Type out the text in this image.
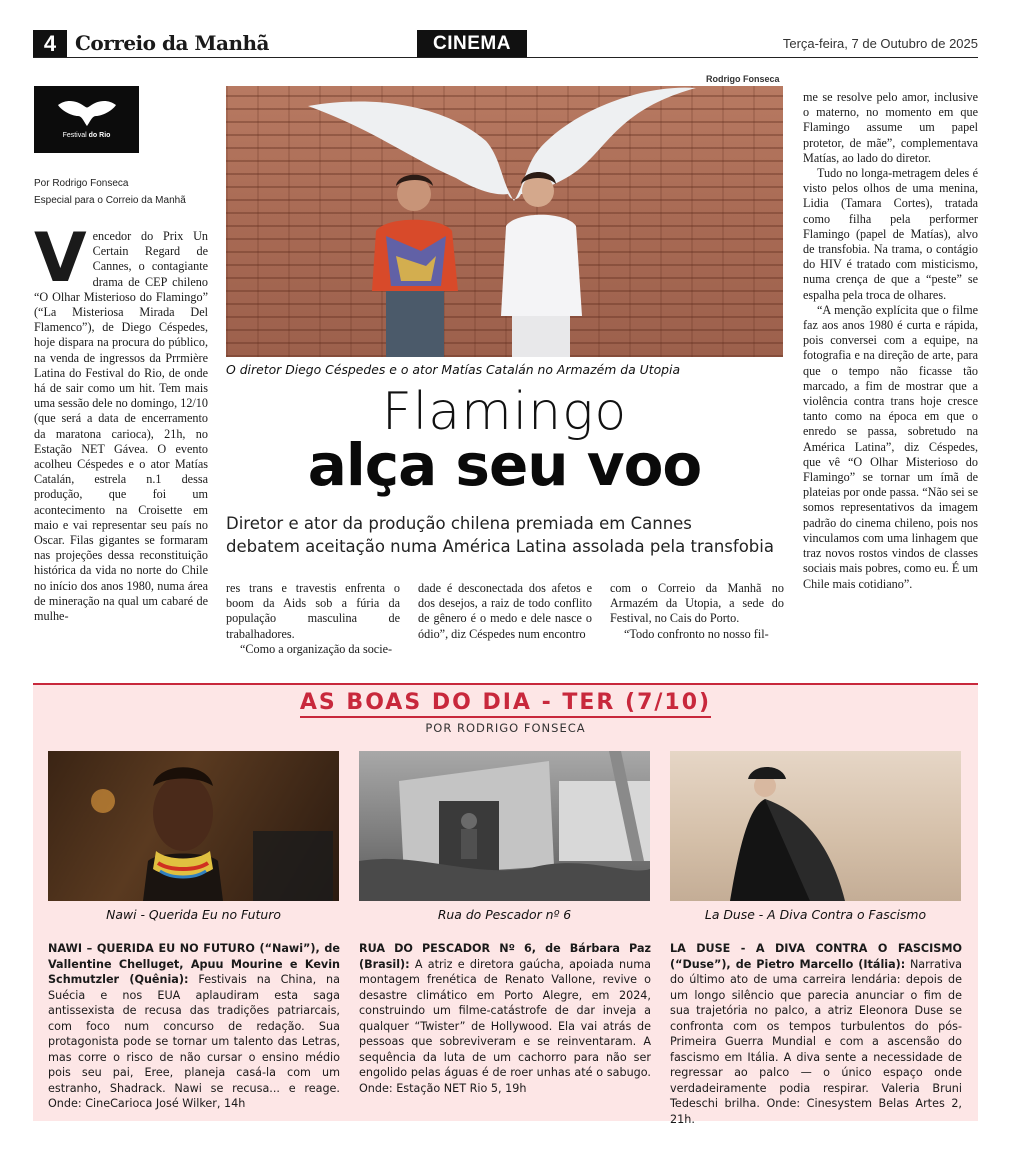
4 Correio da Manhã	CINEMA	Terça-feira, 7 de Outubro de 2025
Festival do Rio
Por Rodrigo Fonseca
Especial para o Correio da Manhã
V encedor do Prix Un Certain Regard de Cannes, o contagiante drama de CEP chileno “O Olhar Misterioso do Flamingo” (“La Misteriosa Mirada Del Flamenco”), de Diego Céspedes, hoje dispara na procura do público, na venda de ingressos da Prrmière Latina do Festival do Rio, de onde há de sair como um hit. Tem mais uma sessão dele no domingo, 12/10 (que será a data de encerramento da maratona carioca), 21h, no Estação NET Gávea. O evento acolheu Céspedes e o ator Matías Catalán, estrela n.1 dessa produção, que foi um acontecimento na Croisette em maio e vai representar seu país no Oscar. Filas gigantes se formaram nas projeções dessa reconstituição histórica da vida no norte do Chile no início dos anos 1980, numa área de mineração na qual um cabaré de mulhe-

Rodrigo Fonseca
O diretor Diego Céspedes e o ator Matías Catalán no Armazém da Utopia
Flamingo
alça seu voo
Diretor e ator da produção chilena premiada em Cannes
debatem aceitação numa América Latina assolada pela transfobia

res trans e travestis enfrenta o boom da Aids sob a fúria da população masculina de trabalhadores.

“Como a organização da socie-

dade é desconectada dos afetos e dos desejos, a raiz de todo conflito de gênero é o medo e dele nasce o ódio”, diz Céspedes num encontro

com o Correio da Manhã no Armazém da Utopia, a sede do Festival, no Cais do Porto.

“Todo confronto no nosso fil-

me se resolve pelo amor, inclusive o materno, no momento em que Flamingo assume um papel protetor, de mãe”, complementava Matías, ao lado do diretor.

Tudo no longa-metragem deles é visto pelos olhos de uma menina, Lidia (Tamara Cortes), tratada como filha pela performer Flamingo (papel de Matías), alvo de transfobia. Na trama, o contágio do HIV é tratado com misticismo, numa crença de que a “peste” se espalha pela troca de olhares.

“A menção explícita que o filme faz aos anos 1980 é curta e rápida, pois conversei com a equipe, na fotografia e na direção de arte, para que o tempo não ficasse tão marcado, a fim de mostrar que a violência contra trans hoje cresce tanto como na época em que o enredo se passa, sobretudo na América Latina”, diz Céspedes, que vê “O Olhar Misterioso do Flamingo” se tornar um ímã de plateias por onde passa. “Não sei se somos representativos da imagem padrão do cinema chileno, pois nos vinculamos com uma linhagem que traz novos rostos vindos de classes sociais mais pobres, como eu. É um Chile mais cotidiano”.

AS BOAS DO DIA - TER (7/10)
POR RODRIGO FONSECA
Nawi - Querida Eu no Futuro
NAWI – QUERIDA EU NO FUTURO (“Nawi”), de Vallentine Chelluget, Apuu Mourine e Kevin Schmutzler (Quênia): Festivais na China, na Suécia e nos EUA aplaudiram esta saga antissexista de recusa das tradições patriarcais, com foco num concurso de redação. Sua protagonista pode se tornar um talento das Letras, mas corre o risco de não cursar o ensino médio pois seu pai, Eree, planeja casá-la com um estranho, Shadrack. Nawi se recusa... e reage. Onde: CineCarioca José Wilker, 14h
Rua do Pescador nº 6
RUA DO PESCADOR Nº 6, de Bárbara Paz (Brasil): A atriz e diretora gaúcha, apoiada numa montagem frenética de Renato Vallone, revive o desastre climático em Porto Alegre, em 2024, construindo um filme-catástrofe de dar inveja a qualquer “Twister” de Hollywood. Ela vai atrás de pessoas que sobreviveram e se reinventaram. A sequência da luta de um cachorro para não ser engolido pelas águas é de roer unhas até o sabugo. Onde: Estação NET Rio 5, 19h
La Duse - A Diva Contra o Fascismo
LA DUSE - A DIVA CONTRA O FASCISMO (“Duse”), de Pietro Marcello (Itália): Narrativa do último ato de uma carreira lendária: depois de um longo silêncio que parecia anunciar o fim de sua trajetória no palco, a atriz Eleonora Duse se confronta com os tempos turbulentos do pós-Primeira Guerra Mundial e com a ascensão do fascismo em Itália. A diva sente a necessidade de regressar ao palco — o único espaço onde verdadeiramente podia respirar. Valeria Bruni Tedeschi brilha. Onde: Cinesystem Belas Artes 2, 21h.
